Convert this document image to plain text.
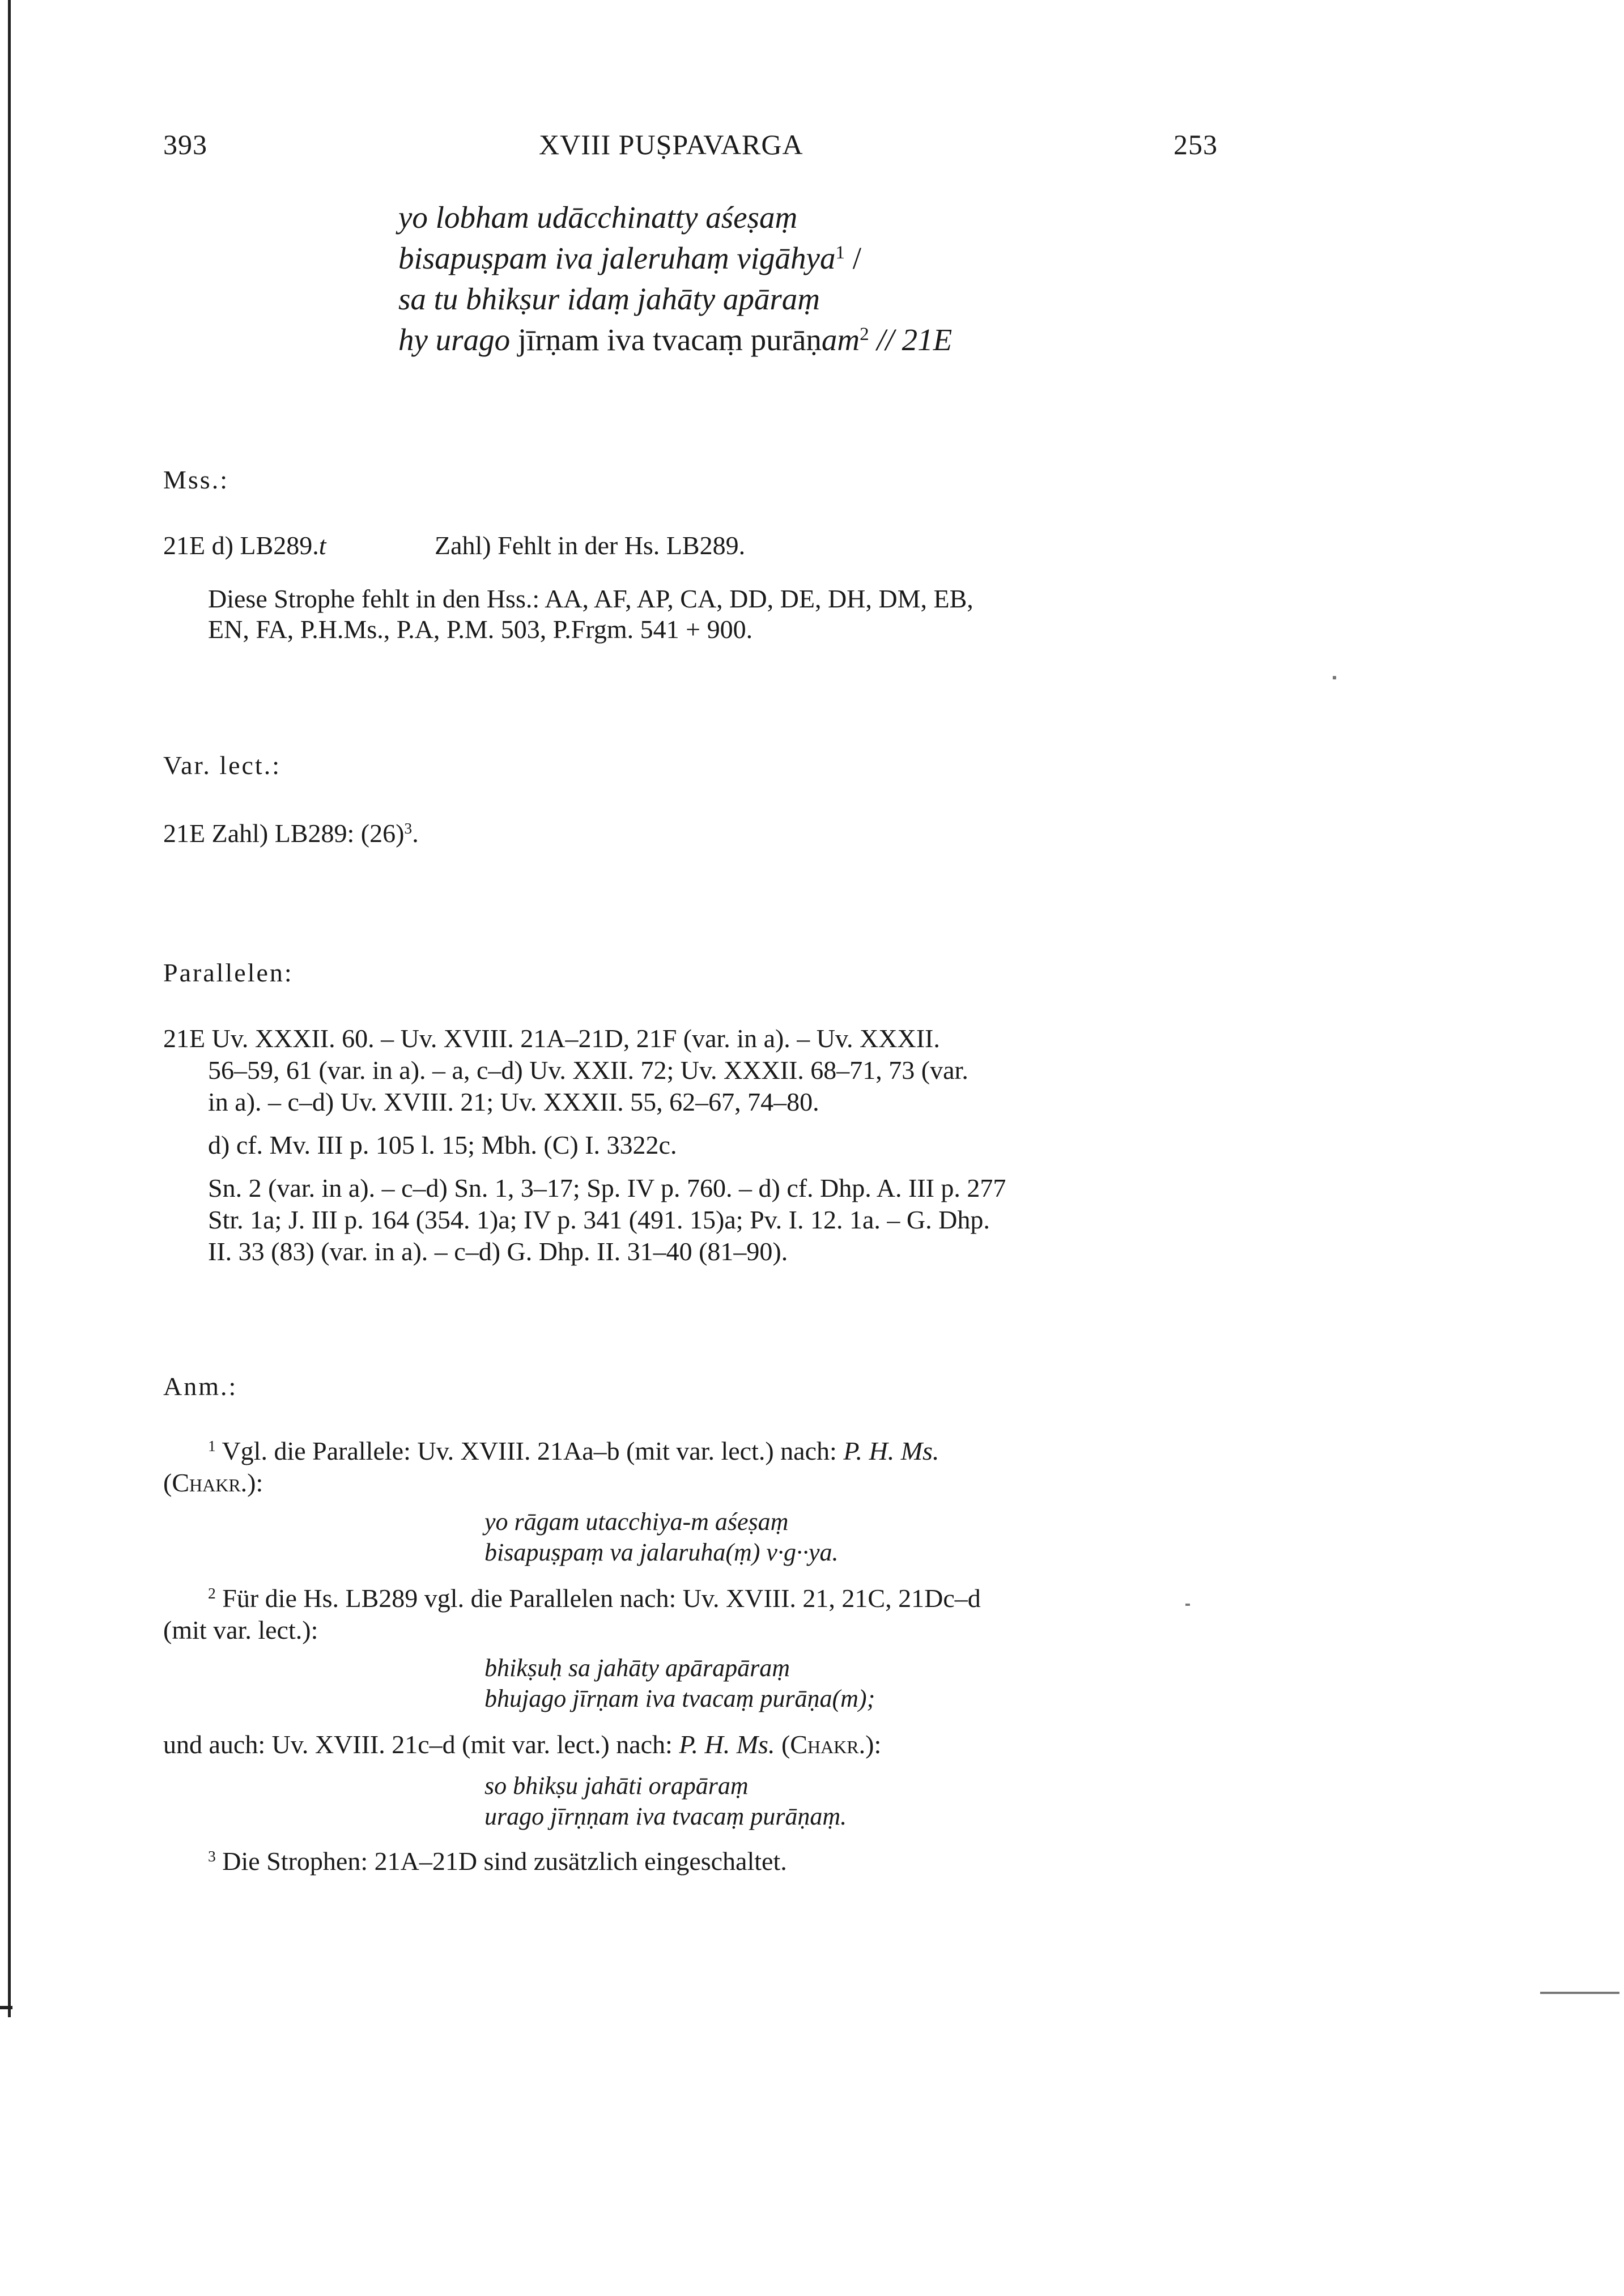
393	XVIII PUṢPAVARGA	253
yo lobham udācchinatty aśeṣaṃ
bisapuṣpam iva jaleruhaṃ vigāhya$^1$ /
sa tu bhikṣur idaṃ jahāty apāraṃ
hy urago jīrṇam iva tvacaṃ purāṇam$^2$ // 21E
Mss.:
21E d) LB289.t	Zahl) Fehlt in der Hs. LB289.
Diese Strophe fehlt in den Hss.: AA, AF, AP, CA, DD, DE, DH, DM, EB,
EN, FA, P.H.Ms., P.A, P.M. 503, P.Frgm. 541 + 900.
Var. lect.:
21E Zahl) LB289: $(26)^3$.
Parallelen:
21E Uv. XXXII. 60. – Uv. XVIII. 21A–21D, 21F (var. in a). – Uv. XXXII.
56–59, 61 (var. in a). – a, c–d) Uv. XXII. 72; Uv. XXXII. 68–71, 73 (var.
in a). – c–d) Uv. XVIII. 21; Uv. XXXII. 55, 62–67, 74–80.
d) cf. Mv. III p. 105 l. 15; Mbh. (C) I. 3322c.
Sn. 2 (var. in a). – c–d) Sn. 1, 3–17; Sp. IV p. 760. – d) cf. Dhp. A. III p. 277
Str. 1a; J. III p. 164 (354. 1)a; IV p. 341 (491. 15)a; Pv. I. 12. 1a. – G. Dhp.
II. 33 (83) (var. in a). – c–d) G. Dhp. II. 31–40 (81–90).
Anm.:
$^1$ Vgl. die Parallele: Uv. XVIII. 21Aa–b (mit var. lect.) nach: P. H. Ms.
(Chakr.):
yo rāgam utacchiya-m aśeṣaṃ
bisapuṣpaṃ va jalaruha(ṃ) v·g··ya.
$^2$ Für die Hs. LB289 vgl. die Parallelen nach: Uv. XVIII. 21, 21C, 21Dc–d
(mit var. lect.):
bhikṣuḥ sa jahāty apārapāraṃ
bhujago jīrṇam iva tvacaṃ purāṇa(m);
und auch: Uv. XVIII. 21c–d (mit var. lect.) nach: P. H. Ms. (Chakr.):
so bhikṣu jahāti orapāraṃ
urago jīrṇṇam iva tvacaṃ purāṇaṃ.
$^3$ Die Strophen: 21A–21D sind zusätzlich eingeschaltet.
